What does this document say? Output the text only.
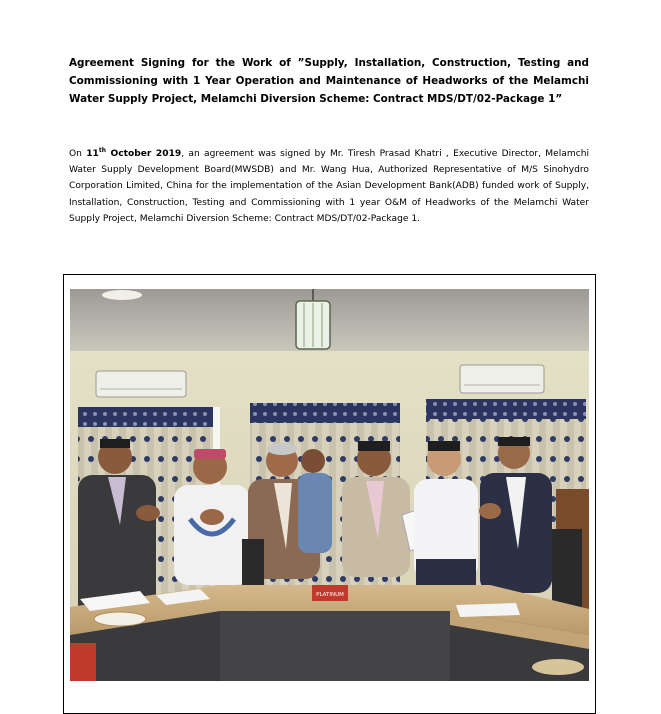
Agreement Signing for the Work of ”Supply, Installation, Construction, Testing and Commissioning with 1 Year Operation and Maintenance of Headworks of the Melamchi Water Supply Project, Melamchi Diversion Scheme: Contract MDS/DT/02-Package 1”

On 11th October 2019, an agreement was signed by Mr. Tiresh Prasad Khatri , Executive Director, Melamchi Water Supply Development Board(MWSDB) and Mr. Wang Hua, Authorized Representative of M/S Sinohydro Corporation Limited, China for the implementation of the Asian Development Bank(ADB) funded work of Supply, Installation, Construction, Testing and Commissioning with 1 year O&M of Headworks of the Melamchi Water Supply Project, Melamchi Diversion Scheme: Contract MDS/DT/02-Package 1.

PLATINUM
